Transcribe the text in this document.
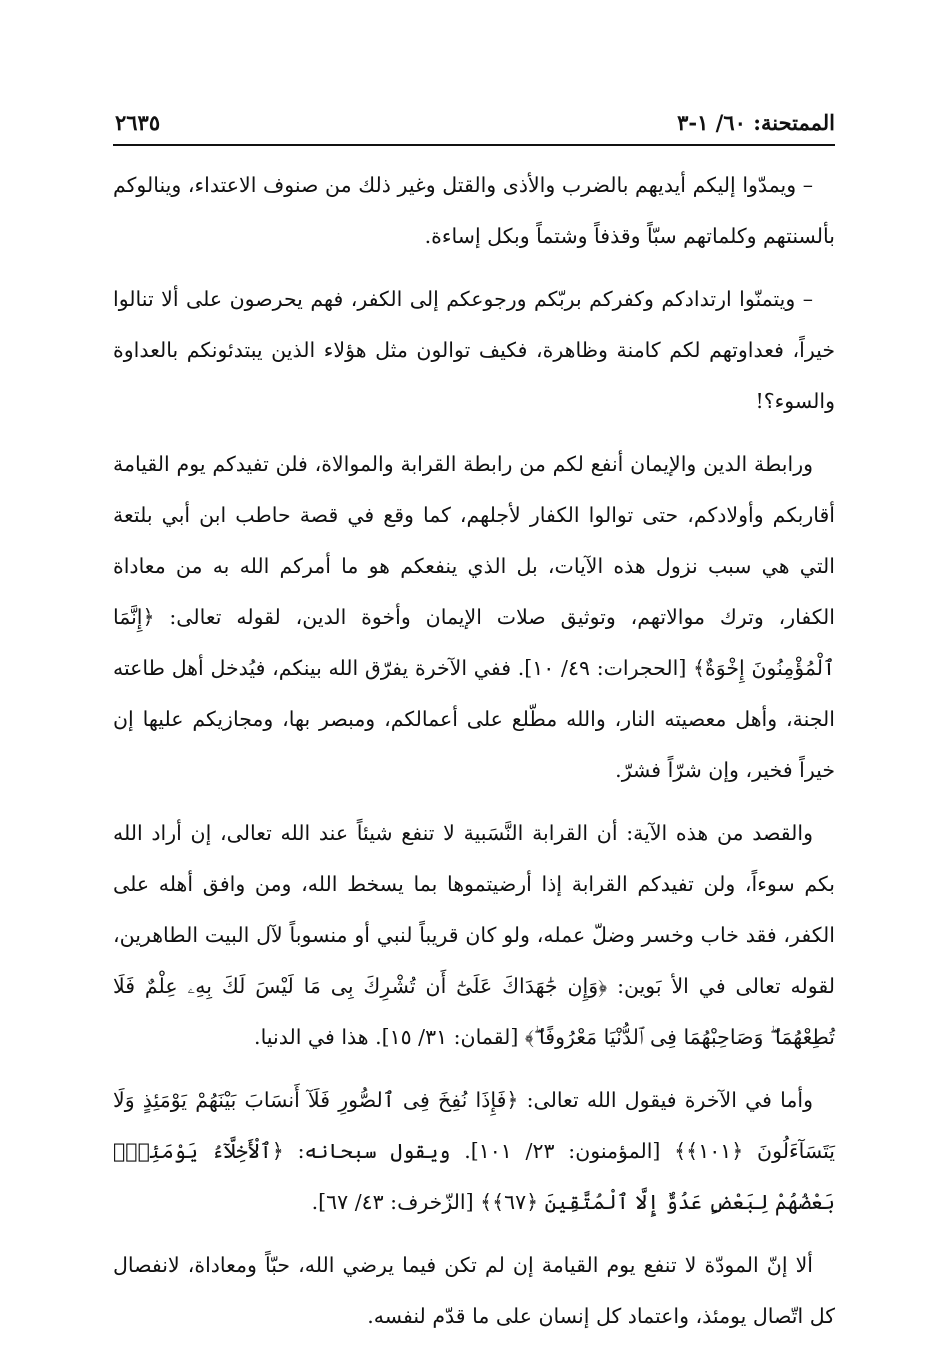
الممتحنة: ٦٠/ ١-٣
٢٦٣٥

– ويمدّوا إليكم أيديهم بالضرب والأذى والقتل وغير ذلك من صنوف الاعتداء، وينالوكم بألسنتهم وكلماتهم سبّاً وقذفاً وشتماً وبكل إساءة.

– ويتمنّوا ارتدادكم وكفركم بربّكم ورجوعكم إلى الكفر، فهم يحرصون على ألا تنالوا خيراً، فعداوتهم لكم كامنة وظاهرة، فكيف توالون مثل هؤلاء الذين يبتدئونكم بالعداوة والسوء؟!

ورابطة الدين والإيمان أنفع لكم من رابطة القرابة والموالاة، فلن تفيدكم يوم القيامة أقاربكم وأولادكم، حتى توالوا الكفار لأجلهم، كما وقع في قصة حاطب ابن أبي بلتعة التي هي سبب نزول هذه الآيات، بل الذي ينفعكم هو ما أمركم الله به من معاداة الكفار، وترك موالاتهم، وتوثيق صلات الإيمان وأخوة الدين، لقوله تعالى: ﴿إِنَّمَا ٱلْمُؤْمِنُونَ إِخْوَةٌ﴾ [الحجرات: ٤٩/ ١٠]. ففي الآخرة يفرّق الله بينكم، فيُدخل أهل طاعته الجنة، وأهل معصيته النار، والله مطّلع على أعمالكم، ومبصر بها، ومجازيكم عليها إن خيراً فخير، وإن شرّاً فشرّ.

والقصد من هذه الآية: أن القرابة النَّسَبية لا تنفع شيئاً عند الله تعالى، إن أراد الله بكم سوءاً، ولن تفيدكم القرابة إذا أرضيتموها بما يسخط الله، ومن وافق أهله على الكفر، فقد خاب وخسر وضلّ عمله، ولو كان قريباً لنبي أو منسوباً لآل البيت الطاهرين، لقوله تعالى في الأ بَوين: ﴿وَإِن جَٰهَدَاكَ عَلَىٰٓ أَن تُشْرِكَ بِى مَا لَيْسَ لَكَ بِهِۦ عِلْمٌ فَلَا تُطِعْهُمَا ۖ وَصَاحِبْهُمَا فِى ٱلدُّنْيَا مَعْرُوفًا ۖ﴾ [لقمان: ٣١/ ١٥]. هذا في الدنيا.

وأما في الآخرة فيقول الله تعالى: ﴿فَإِذَا نُفِخَ فِى ٱلصُّورِ فَلَآ أَنسَابَ بَيْنَهُمْ يَوْمَئِذٍ وَلَا يَتَسَآءَلُونَ ﴿١٠١﴾﴾ [المؤمنون: ٢٣/ ١٠١]. ويقول سبحانه: ﴿ٱلْأَخِلَّآءُ يَوْمَئِذٍۭ بَعْضُهُمْ لِبَعْضٍ عَدُوٌّ إِلَّا ٱلْمُتَّقِينَ ﴿٦٧﴾﴾ [الزّخرف: ٤٣/ ٦٧].

ألا إنّ المودّة لا تنفع يوم القيامة إن لم تكن فيما يرضي الله، حبّاً ومعاداة، لانفصال كل اتّصال يومئذ، واعتماد كل إنسان على ما قدّم لنفسه.
